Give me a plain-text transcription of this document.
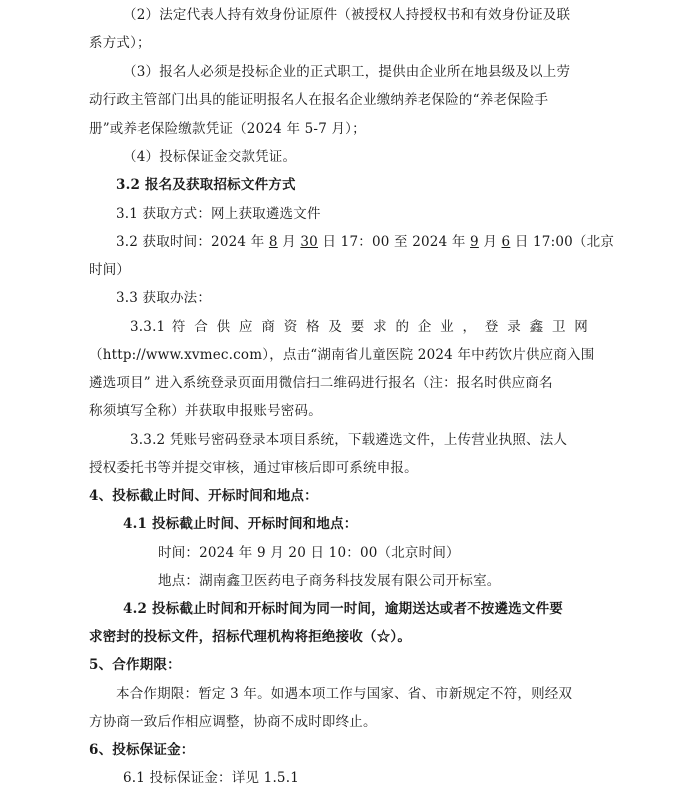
（2）法定代表人持有效身份证原件（被授权人持授权书和有效身份证及联
系方式）；
（3）报名人必须是投标企业的正式职工，提供由企业所在地县级及以上劳
动行政主管部门出具的能证明报名人在报名企业缴纳养老保险的“养老保险手
册”或养老保险缴款凭证（2024 年 5-7 月）；
（4）投标保证金交款凭证。
3.2 报名及获取招标文件方式
3.1 获取方式：网上获取遴选文件
3.2 获取时间：2024 年 8 月 30 日 17：00 至 2024 年 9 月 6 日 17:00（北京
时间）
3.3 获取办法：
3.3.1 符 合 供 应 商 资 格 及 要 求 的 企 业 ， 登 录 鑫 卫 网
（http://www.xvmec.com），点击“湖南省儿童医院 2024 年中药饮片供应商入围
遴选项目” 进入系统登录页面用微信扫二维码进行报名（注：报名时供应商名
称须填写全称）并获取申报账号密码。
3.3.2 凭账号密码登录本项目系统，下载遴选文件，上传营业执照、法人
授权委托书等并提交审核，通过审核后即可系统申报。
4、投标截止时间、开标时间和地点：
4.1 投标截止时间、开标时间和地点：
时间：2024 年 9 月 20 日 10：00（北京时间）
地点：湖南鑫卫医药电子商务科技发展有限公司开标室。
4.2 投标截止时间和开标时间为同一时间，逾期送达或者不按遴选文件要
求密封的投标文件，招标代理机构将拒绝接收（☆）。
5、合作期限：
本合作期限：暂定 3 年。如遇本项工作与国家、省、市新规定不符，则经双
方协商一致后作相应调整，协商不成时即终止。
6、投标保证金：
6.1 投标保证金：详见 1.5.1
